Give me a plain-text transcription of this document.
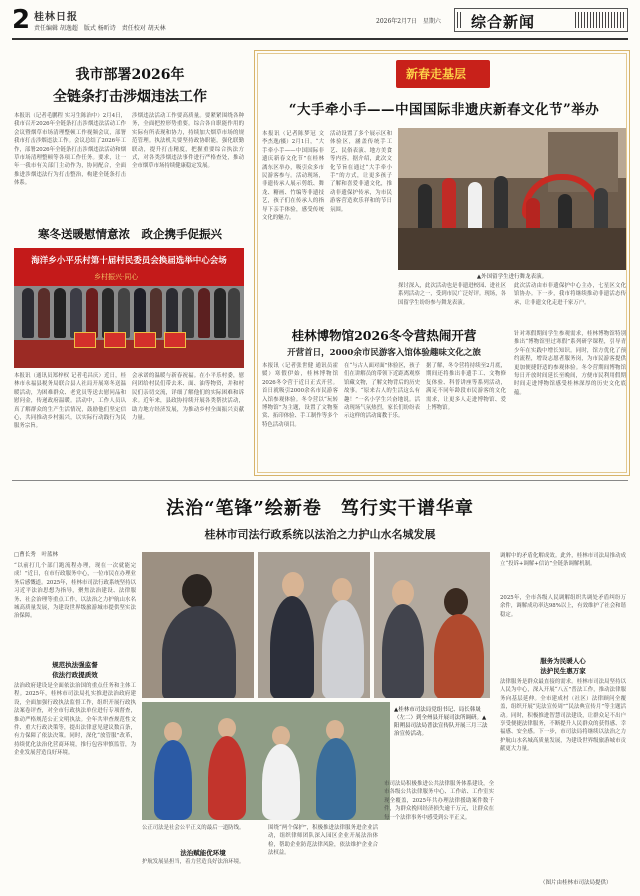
2 桂林日报
责任编辑 胡逸超 版式 杨昕诗 责任校对 胡天林
2026年2月7日 星期六 综合新闻
我市部署2026年
全链条打击涉烟违法工作
本报讯（记者毛鹏程 实习生陈治中）2月4日，我市召开2026年全链条打击涉烟违法活动工作会议暨烟草市场清理整顿工作视频会议，部署我市打击涉烟违法工作。会议总结了2026年工作，部署2026年全链条打击涉烟违法活动和烟草市场清理整顿等各项工作任务。要求，让一年一我市有关部门主动作为，协同配合，全面推进涉烟违法行为打击整治，构建全链条打击体系。
涉烟违法活动工作要高质量。要紧紧围绕各种务，全面把控形势重要。综合各自职能作用的实际有所表现和协力，持续加大烟草市场的规范管理。执法机关要坚持政协职能，强化联勤联动，提升打击精度，把握重要综合执法方式，对各类涉烟违法事件进行严格查处，推动全市烟草市场持续健康稳定发展。
寒冬送暖慰情意浓　政企携手促振兴
海洋乡小平乐村第十届村民委员会换届选举中心会场
乡村振兴·同心
本报讯（通讯员郑梓权 记者毛昌庆）近日，桂林市永福县税务局联合县人社局开展寒冬送温暖活动，为困难群众、老党员等送去慰问品和慰问金，传递政府温暖。活动中，工作人员认真了解群众的生产生活情况，鼓励他们坚定信心，共同推动乡村振兴，以实际行动践行为民服务宗旨。
会承诺的温暖与新春祝福。在小平乐村委，慰问团给村民们带去米、面、油等物资，并和村民们亲切交流，详细了解他们的实际困难和诉求。近年来，县政协持续开展各类帮扶活动，助力地方经济发展，为推动乡村全面振兴贡献力量。
新春走基层
“大手牵小手——中国国际非遗庆新春文化节”举办
本报讯（记者陈梦冠 文 李杰逸/摄）2月1日，“大手牵小手——中国国际非遗庆新春文化节”在桂林漓东区举办，吸引众多市民游客参与。活动现场，非遗传承人展示剪纸、舞龙、糖画、竹编等非遗技艺，孩子们在传承人的指导下亲手体验，感受传统文化的魅力。
活动设置了多个展示区和体验区，涵盖传统手工艺、民俗表演、地方美食等内容。据介绍，此次文化节旨在通过“大手牵小手”的方式，让更多孩子了解和喜爱非遗文化，推动非遗保护传承，为市民游客营造欢乐祥和的节日氛围。
▲外国留学生进行舞龙表演。
探讨深入，此次活动也是非遗进校园、进社区系列活动之一，受到市民广泛好评。现场，各国留学生纷纷参与舞龙表演。
此次活动由市非遗保护中心主办，七星区文化馆协办。下一步，我市将继续推动非遗活态传承，让非遗文化走进千家万户。
桂林博物馆2026冬令营热闹开营
开营首日，2000余市民游客入馆体验趣味文化之旅
本报讯（记者张世健 通讯员霍媛）寒假伊始，桂林博物馆2026冬令营于近日正式开营。首日就吸引2000余名市民游客入馆参观体验。冬令营以“玩转博物馆”为主题，设置了文物鉴赏、拓印体验、手工制作等多个特色活动项目。
在“与古人面对面”体验区，孩子们在讲解员的带领下近距离观察馆藏文物，了解文物背后的历史故事。“原来古人的生活这么有趣！”一名小学生兴奋地说。活动现场气氛热烈，家长们纷纷表示这样的活动寓教于乐。
据了解，冬令营将持续至2月底，期间还将推出非遗手工、文物修复体验、科普讲座等系列活动，满足不同年龄段市民游客的文化需求，让更多人走进博物馆、爱上博物馆。
针对寒假期间学生参观需求，桂林博物馆特别推出“博物馆里过寒假”系列研学课程，引导青少年在实践中增长知识。同时，馆方优化了预约流程，增设志愿者服务岗，为市民游客提供更加便捷舒适的参观体验。冬令营期间博物馆每日开放时间延长至晚间，方便市民利用假期时间走进博物馆感受桂林深厚的历史文化底蕴。
法治“笔锋”绘新卷　笃行实干谱华章
桂林市司法行政系统以法治之力护山水名城发展
□曹长秀 叶蓝林
“以前打几个部门跑流程办理，现在一次就能完成！”近日，在市行政服务中心，一位市民在办理业务后感慨道。2025年，桂林市司法行政系统坚持以习近平法治思想为指导，聚焦法治建设、法律服务、社会治理等重点工作，以法治之力护航山水名城高质量发展，为建设世界级旅游城市提供坚实法治保障。
规范执法强监督
依法行政提质效
法治政府建设是全面依法治国的重点任务和主体工程。2025年，桂林市司法局扎实推进法治政府建设，全面加强行政执法监督工作，组织开展行政执法案卷评查，对全市行政执法单位进行专项督查，推动严格规范公正文明执法。全年共审查规范性文件、重大行政决策等，提出法律意见建议数百条，有力保障了依法决策。同时，深化“放管服”改革，持续优化法治化营商环境，推行包容审慎监管，为企业发展营造良好环境。
▲桂林市司法局党组书记、局长韩晟（左二）到全州县开展司法所调研。▲阳朔县司法局普法宣传队开展三月三法治宣传活动。
公正司法是社会公平正义的最后一道防线。
法治赋能优环境
护航发展显担当，着力营造良好法治环境。
围绕“两个保护”，积极推进法律服务进企业活动，组织律师团队深入园区企业开展法治体检，帮助企业防范法律风险，依法维护企业合法权益。
市司法局积极推进公共法律服务体系建设，全市各级公共法律服务中心、工作站、工作室实现全覆盖，2025年共办理法律援助案件数千件，为群众挽回经济损失逾千万元，让群众在每一个法律事务中感受到公平正义。
调解中的矛盾化解成效。此外，桂林市司法局推动成立“投诉+调解+信访”全链条调解机制。
2025年，全市各级人民调解组织共调处矛盾纠纷万余件，调解成功率达98%以上，有效维护了社会和谐稳定。
服务为民暖人心
法护民生惠万家
法律服务是群众最直接的需求。桂林市司法局坚持以人民为中心，深入开展“八五”普法工作，推动法律服务向基层延伸。全市建成村（社区）法律顾问全覆盖，组织开展“宪法宣传周”“民法典宣传月”等主题活动。同时，积极推进智慧司法建设，让群众足不出户享受便捷法律服务，不断提升人民群众的获得感、幸福感、安全感。下一步，市司法局将继续以法治之力护航山水名城高质量发展，为建设世界级旅游城市贡献更大力量。
（图片由桂林市司法局提供）
